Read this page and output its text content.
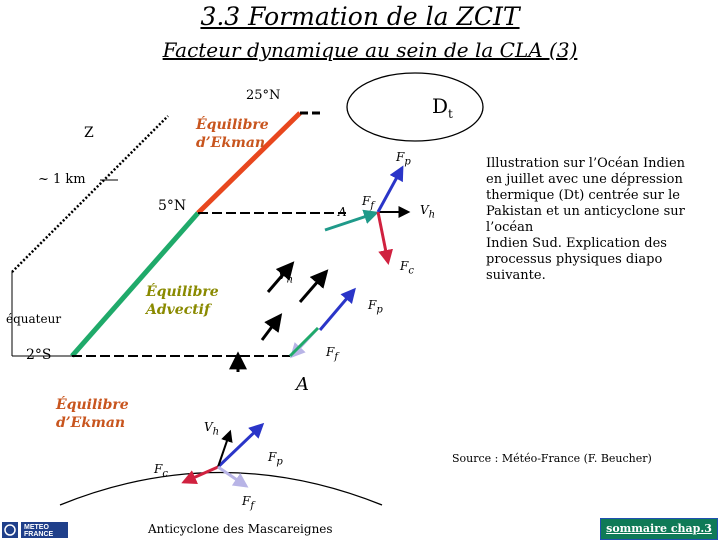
3.3 Formation de la ZCIT
Facteur dynamique au sein de la CLA (3)
25°N
Z
~ 1 km
5°N
équateur
2°S
Équilibre
d’Ekman
Équilibre
Advectif
Équilibre
d’Ekman
$D_t$
$F_p$
$F_f$
A	$V_h$
$F_c$
$V_h$
$F_p$
$F_f$
A
$V_h$
$F_p$
$F_c$
$F_f$
Illustration sur l’Océan Indien
en juillet avec une dépression
thermique (Dt) centrée sur le
Pakistan et un anticyclone sur
l’océan
Indien Sud. Explication des
processus physiques diapo
suivante.
Source : Météo-France (F. Beucher)
Anticyclone des Mascareignes
METEO
FRANCE	sommaire chap.3
